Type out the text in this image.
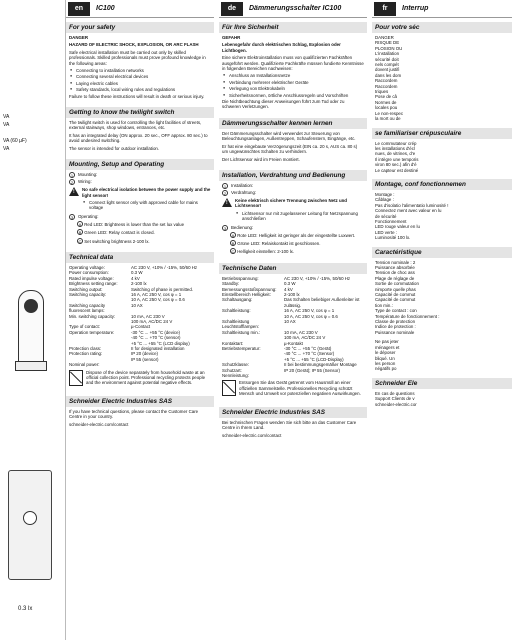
VA
VA
VA (60 µF)
VA
0.3 lx
en	IC100
For your safety

DANGER

HAZARD OF ELECTRIC SHOCK, EXPLOSION, OR ARC FLASH

Safe electrical installation must be carried out only by skilled professionals. Skilled professionals must prove profound knowledge in the following areas:

● Connecting to installation networks
● Connecting several electrical devices
● Laying electric cables
● Safety standards, local wiring rules and regulations

Failure to follow these instructions will result in death or serious injury.

Getting to know the twilight switch

The twilight switch is used for controlling the light facilities of streets, external stairways, shop windows, entrances, etc.

It has an integrated delay (ON approx. 20 sec., OFF approx. 80 sec.) to avoid undesired switching.

The sensor is intended for outdoor installation.

Mounting, Setup and Operating
1	Mounting:
2	Wiring:
! No safe electrical isolation between the power supply and the light sensor!

● Connect light sensor only with approved cable for mains voltage
3	Operating:

A Red LED: Brightness is lower than the set lux value

B Green LED: Relay contact is closed.

C Set switching brightness 2-100 lx.

Technical data
Operating voltage:	AC 230 V, +10% / -15%, 50/60 Hz
Power consumption:	0.3 W
Rated impulse voltage:	4 kV
Brightness setting range:	2-100 lx
Switching output:	Switching of phase is permitted.
Switching capacity:	16 A, AC 250 V, cos φ = 1
10 A, AC 250 V, cos φ = 0.6
Switching capacity fluorescent lamps:
10 AX
Min. switching capacity:	10 mA, AC 230 V
100 mA, AC/DC 24 V
Type of contact:	µ-Contact
Operation temperature:	-30 °C ... +55 °C (device)
-40 °C ... +70 °C (sensor)
+5 °C ... +55 °C (LCD display)
Protection class:	II for designated installation
Protection rating:	IP 20 (device)
IP 55 (sensor)
Nominal power:

Dispose of the device separately from household waste at an official collection point. Professional recycling protects people and the environment against potential negative effects.

Schneider Electric Industries SAS

If you have technical questions, please contact the Customer Care Centre in your country.

schneider-electric.com/contact

de	Dämmerungsschalter IC100
Für Ihre Sicherheit

GEFAHR

Lebensgefahr durch elektrischen Schlag, Explosion oder Lichtbogen.

Eine sichere Elektroinstallation muss von qualifizierten Fachkräften ausgeführt werden. Qualifizierte Fachkräfte müssen fundierte Kenntnisse in folgenden Bereichen nachweisen:

● Anschluss an Installationsnetze
● Verbindung mehrerer elektrischer Geräte
● Verlegung von Elektrokabeln
● Sicherheitsnormen, örtliche Anschlussregeln und Vorschriften

Die Nichtbeachtung dieser Anweisungen führt zum Tod oder zu schweren Verletzungen.

Dämmerungsschalter kennen lernen

Der Dämmerungsschalter wird verwendet zur Steuerung von Beleuchtungsanlagen, Außentreppen, Schaufenstern, Eingänge, etc.

Er hat eine eingebaute Verzögerungszeit (EIN ca. 20 s, AUS ca. 80 s) um ungewünschtes Schalten zu verhindern.

Der Lichtsensor wird im Freien montiert.

Installation, Verdrahtung und Bedienung
1	Installation:
2	Verdrahtung:
! Keine elektrisch sichere Trennung zwischen Netz und Lichtsensor!

● Lichtsensor nur mit zugelassener Leitung für Netzspannung anschließen
3	Bedienung:

A Rote LED: Helligkeit ist geringer als der eingestellte Luxwert.

B Grüne LED: Relaiskontakt ist geschlossen.

C Helligkeit einstellen: 2-100 lx.

Technische Daten
Betriebsspannung:	AC 230 V, +10% / -15%, 50/60 Hz
Standby:	0.3 W
Bemessungsstoßspannung:	4 kV
Einstellbereich Helligkeit:	2-100 lx
Schaltausgang:	Das Schalten beliebiger Außenleiter ist zulässig.
Schaltleistung:	16 A, AC 250 V, cos φ = 1
10 A, AC 250 V, cos φ = 0.6
Schaltleistung Leuchtstofflampen:
10 AX
Schaltleistung min.:	10 mA, AC 230 V
100 mA, AC/DC 24 V
Kontaktart:	µ-Kontakt
Betriebstemperatur:	-30 °C ... +55 °C (Gerät)
-40 °C ... +70 °C (Sensor)
+5 °C ... +55 °C (LCD-Display)
Schutzklasse:	II bei bestimmungsgemäßer Montage
Schutzart:	IP 20 (Gerät); IP 55 (Sensor)
Nennleistung:

Entsorgen Sie das Gerät getrennt vom Hausmüll an einer offiziellen Sammelstelle. Professionelles Recycling schützt Mensch und Umwelt vor potenziellen negativen Auswirkungen.

Schneider Electric Industries SAS

Bei technischen Fragen wenden Sie sich bitte an das Customer Care Centre in Ihrem Land.

schneider-electric.com/contact

fr	Interrup
Pour votre séc
DANGER
RISQUE DE
PLOSION OU
L'installation
sécurité doit
nels compét
dovent justifi
dans les dom
Raccordem
Raccordem
triques
Pose de câ
Normes de
locales pou
Le non-respec
la mort ou de
se familiariser crépusculaire
Le commutateur crép
les installations d'écl
nues, de vitrines, d'e
Il intègre une temporis
viron 80 sec.) afin d'é
Le capteur est destiné
Montage, conf fonctionnemen
Montage :
Câblage :
Pas d'isolatio l'alimentatio luminosité !
Connectez ment avec valeur en lu
de sécurité
Fonctionnement
LED rouge valeur en lu
LED verte :
Luminosité 100 lx.
Caractéristique
Tension nominale : 2
Puissance absorbée
Tension de choc ass
Plage de réglage de
Sortie de commutation
nimporte quelle phas
Capacité de commut
Capacité de commut
tion min.:
Type de contact : con
Température de fonctionnement :
Classe de protection
Indice de protection :
Puissance nominale
Ne pas jeter
ménagers et
le déposer
bliqué. Un
les person
négatifs po
Schneider Ele
En cas de questions
Support Clients de v
schneider-electric.cor
